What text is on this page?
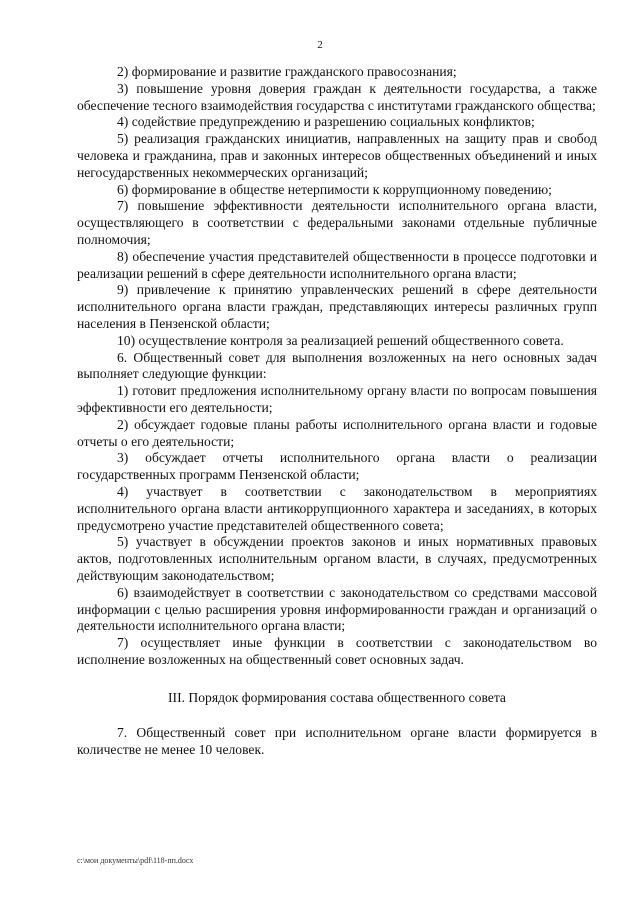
2

2) формирование и развитие гражданского правосознания;

3) повышение уровня доверия граждан к деятельности государства, а также обеспечение тесного взаимодействия государства с институтами гражданского общества;

4) содействие предупреждению и разрешению социальных конфликтов;

5) реализация гражданских инициатив, направленных на защиту прав и свобод человека и гражданина, прав и законных интересов общественных объединений и иных негосударственных некоммерческих организаций;

6) формирование в обществе нетерпимости к коррупционному поведению;

7) повышение эффективности деятельности исполнительного органа власти, осуществляющего в соответствии с федеральными законами отдельные публичные полномочия;

8) обеспечение участия представителей общественности в процессе подготовки и реализации решений в сфере деятельности исполнительного органа власти;

9) привлечение к принятию управленческих решений в сфере деятельности исполнительного органа власти граждан, представляющих интересы различных групп населения в Пензенской области;

10) осуществление контроля за реализацией решений общественного совета.

6. Общественный совет для выполнения возложенных на него основных задач выполняет следующие функции:

1) готовит предложения исполнительному органу власти по вопросам повышения эффективности его деятельности;

2) обсуждает годовые планы работы исполнительного органа власти и годовые отчеты о его деятельности;

3) обсуждает отчеты исполнительного органа власти о реализации государственных программ Пензенской области;

4) участвует в соответствии с законодательством в мероприятиях исполнительного органа власти антикоррупционного характера и заседаниях, в которых предусмотрено участие представителей общественного совета;

5) участвует в обсуждении проектов законов и иных нормативных правовых актов, подготовленных исполнительным органом власти, в случаях, предусмотренных действующим законодательством;

6) взаимодействует в соответствии с законодательством со средствами массовой информации с целью расширения уровня информированности граждан и организаций о деятельности исполнительного органа власти;

7) осуществляет иные функции в соответствии с законодательством во исполнение возложенных на общественный совет основных задач.

III. Порядок формирования состава общественного совета

7. Общественный совет при исполнительном органе власти формируется в количестве не менее 10 человек.

c:\мои документы\pdf\118-пп.docx
